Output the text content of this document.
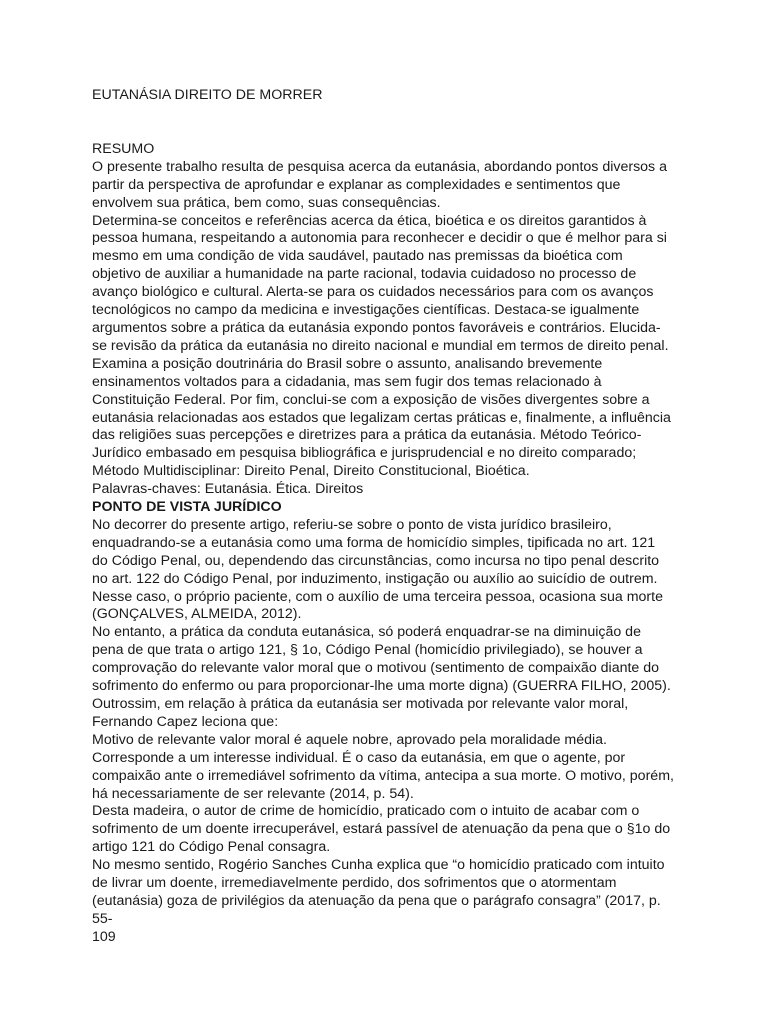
EUTANÁSIA DIREITO DE MORRER
RESUMO
O presente trabalho resulta de pesquisa acerca da eutanásia, abordando pontos diversos a
partir da perspectiva de aprofundar e explanar as complexidades e sentimentos que
envolvem sua prática, bem como, suas consequências.
Determina-se conceitos e referências acerca da ética, bioética e os direitos garantidos à
pessoa humana, respeitando a autonomia para reconhecer e decidir o que é melhor para si
mesmo em uma condição de vida saudável, pautado nas premissas da bioética com
objetivo de auxiliar a humanidade na parte racional, todavia cuidadoso no processo de
avanço biológico e cultural. Alerta-se para os cuidados necessários para com os avanços
tecnológicos no campo da medicina e investigações científicas. Destaca-se igualmente
argumentos sobre a prática da eutanásia expondo pontos favoráveis e contrários. Elucida-
se revisão da prática da eutanásia no direito nacional e mundial em termos de direito penal.
Examina a posição doutrinária do Brasil sobre o assunto, analisando brevemente
ensinamentos voltados para a cidadania, mas sem fugir dos temas relacionado à
Constituição Federal. Por fim, conclui-se com a exposição de visões divergentes sobre a
eutanásia relacionadas aos estados que legalizam certas práticas e, finalmente, a influência
das religiões suas percepções e diretrizes para a prática da eutanásia. Método Teórico-
Jurídico embasado em pesquisa bibliográfica e jurisprudencial e no direito comparado;
Método Multidisciplinar: Direito Penal, Direito Constitucional, Bioética.
Palavras-chaves: Eutanásia. Ética. Direitos
PONTO DE VISTA JURÍDICO
No decorrer do presente artigo, referiu-se sobre o ponto de vista jurídico brasileiro,
enquadrando-se a eutanásia como uma forma de homicídio simples, tipificada no art. 121
do Código Penal, ou, dependendo das circunstâncias, como incursa no tipo penal descrito
no art. 122 do Código Penal, por induzimento, instigação ou auxílio ao suicídio de outrem.
Nesse caso, o próprio paciente, com o auxílio de uma terceira pessoa, ocasiona sua morte
(GONÇALVES, ALMEIDA, 2012).
No entanto, a prática da conduta eutanásica, só poderá enquadrar-se na diminuição de
pena de que trata o artigo 121, § 1o, Código Penal (homicídio privilegiado), se houver a
comprovação do relevante valor moral que o motivou (sentimento de compaixão diante do
sofrimento do enfermo ou para proporcionar-lhe uma morte digna) (GUERRA FILHO, 2005).
Outrossim, em relação à prática da eutanásia ser motivada por relevante valor moral,
Fernando Capez leciona que:
Motivo de relevante valor moral é aquele nobre, aprovado pela moralidade média.
Corresponde a um interesse individual. É o caso da eutanásia, em que o agente, por
compaixão ante o irremediável sofrimento da vítima, antecipa a sua morte. O motivo, porém,
há necessariamente de ser relevante (2014, p. 54).
Desta madeira, o autor de crime de homicídio, praticado com o intuito de acabar com o
sofrimento de um doente irrecuperável, estará passível de atenuação da pena que o §1o do
artigo 121 do Código Penal consagra.
No mesmo sentido, Rogério Sanches Cunha explica que “o homicídio praticado com intuito
de livrar um doente, irremediavelmente perdido, dos sofrimentos que o atormentam
(eutanásia) goza de privilégios da atenuação da pena que o parágrafo consagra” (2017, p.
55-
109
